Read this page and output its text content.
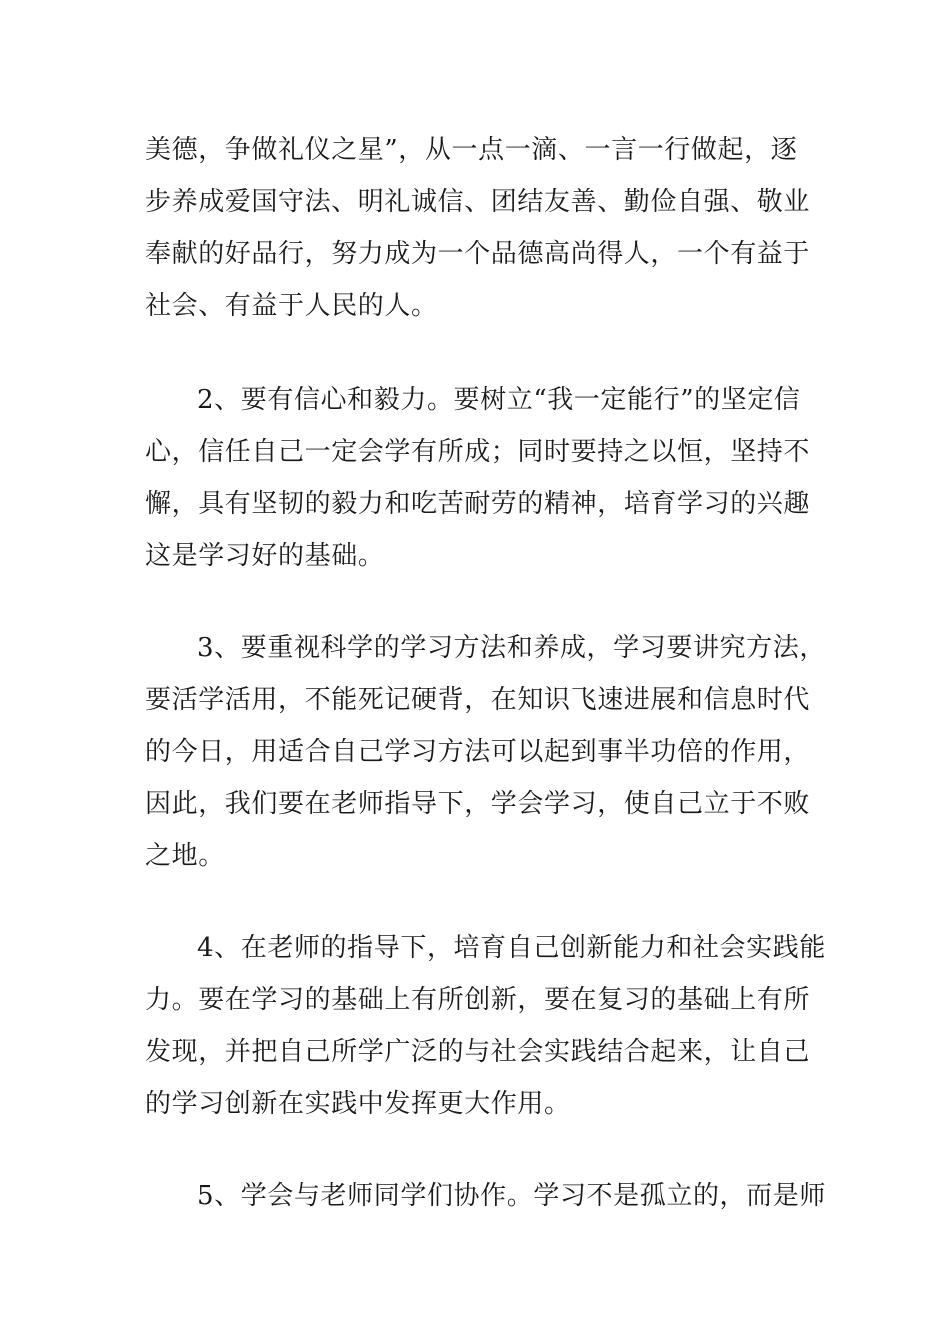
美德，争做礼仪之星”，从一点一滴、一言一行做起，逐
步养成爱国守法、明礼诚信、团结友善、勤俭自强、敬业
奉献的好品行，努力成为一个品德高尚得人，一个有益于
社会、有益于人民的人。

2、要有信心和毅力。要树立“我一定能行”的坚定信
心，信任自己一定会学有所成；同时要持之以恒，坚持不
懈，具有坚韧的毅力和吃苦耐劳的精神，培育学习的兴趣
这是学习好的基础。

3、要重视科学的学习方法和养成，学习要讲究方法，
要活学活用，不能死记硬背，在知识飞速进展和信息时代
的今日，用适合自己学习方法可以起到事半功倍的作用，
因此，我们要在老师指导下，学会学习，使自己立于不败
之地。

4、在老师的指导下，培育自己创新能力和社会实践能
力。要在学习的基础上有所创新，要在复习的基础上有所
发现，并把自己所学广泛的与社会实践结合起来，让自己
的学习创新在实践中发挥更大作用。

5、学会与老师同学们协作。学习不是孤立的，而是师
